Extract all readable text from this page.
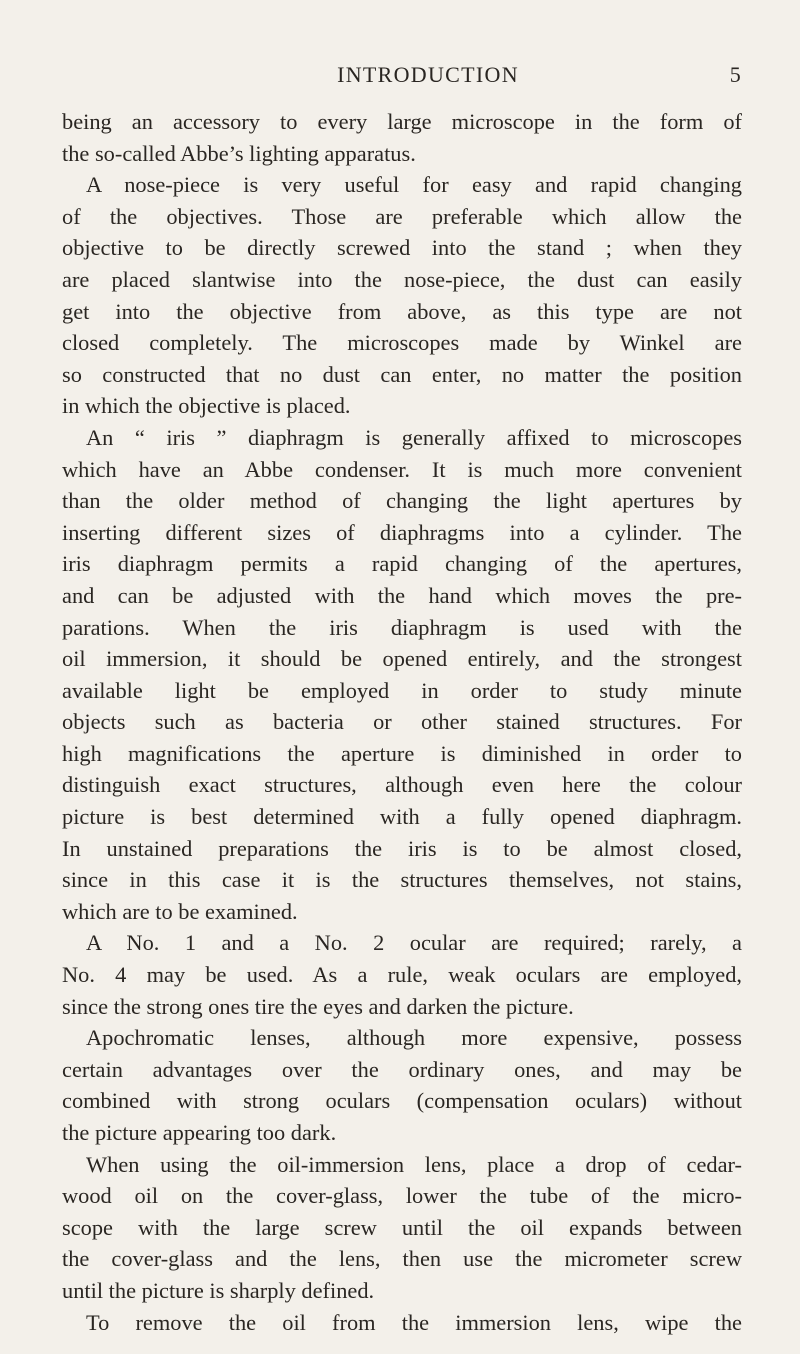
INTRODUCTION	5

being an accessory to every large microscope in the form of
the so-called Abbe’s lighting apparatus.

A nose-piece is very useful for easy and rapid changing
of the objectives. Those are preferable which allow the
objective to be directly screwed into the stand ; when they
are placed slantwise into the nose-piece, the dust can easily
get into the objective from above, as this type are not
closed completely. The microscopes made by Winkel are
so constructed that no dust can enter, no matter the position
in which the objective is placed.

An “ iris ” diaphragm is generally affixed to microscopes
which have an Abbe condenser. It is much more convenient
than the older method of changing the light apertures by
inserting different sizes of diaphragms into a cylinder. The
iris diaphragm permits a rapid changing of the apertures,
and can be adjusted with the hand which moves the pre-
parations. When the iris diaphragm is used with the
oil immersion, it should be opened entirely, and the strongest
available light be employed in order to study minute
objects such as bacteria or other stained structures. For
high magnifications the aperture is diminished in order to
distinguish exact structures, although even here the colour
picture is best determined with a fully opened diaphragm.
In unstained preparations the iris is to be almost closed,
since in this case it is the structures themselves, not stains,
which are to be examined.

A No. 1 and a No. 2 ocular are required; rarely, a
No. 4 may be used. As a rule, weak oculars are employed,
since the strong ones tire the eyes and darken the picture.

Apochromatic lenses, although more expensive, possess
certain advantages over the ordinary ones, and may be
combined with strong oculars (compensation oculars) without
the picture appearing too dark.

When using the oil-immersion lens, place a drop of cedar-
wood oil on the cover-glass, lower the tube of the micro-
scope with the large screw until the oil expands between
the cover-glass and the lens, then use the micrometer screw
until the picture is sharply defined.

To remove the oil from the immersion lens, wipe the
